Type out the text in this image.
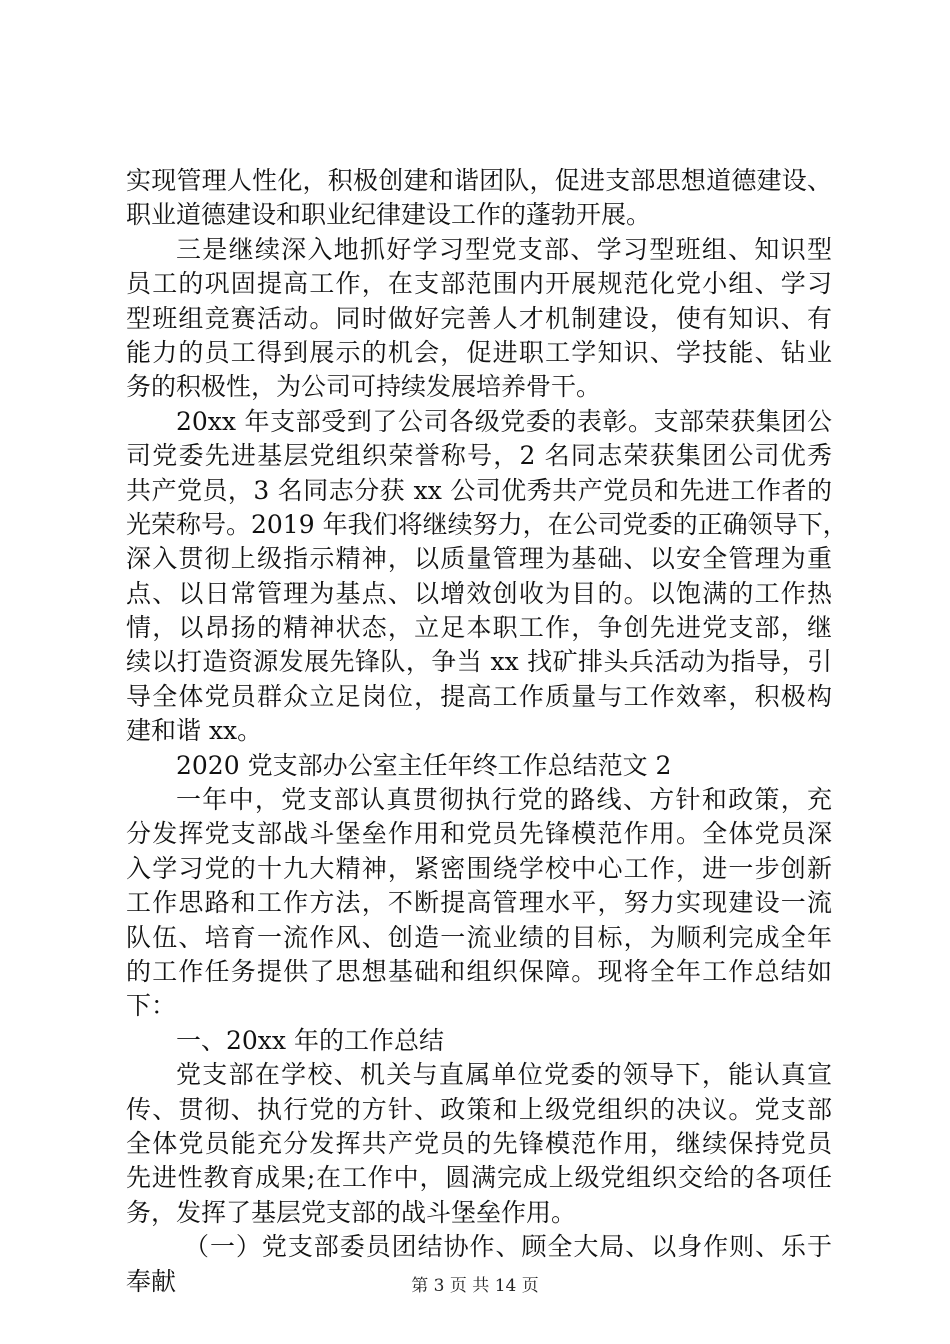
实现管理人性化，积极创建和谐团队，促进支部思想道德建设、
职业道德建设和职业纪律建设工作的蓬勃开展。
三是继续深入地抓好学习型党支部、学习型班组、知识型
员工的巩固提高工作，在支部范围内开展规范化党小组、学习
型班组竞赛活动。同时做好完善人才机制建设，使有知识、有
能力的员工得到展示的机会，促进职工学知识、学技能、钻业
务的积极性，为公司可持续发展培养骨干。
20xx 年支部受到了公司各级党委的表彰。支部荣获集团公
司党委先进基层党组织荣誉称号，2 名同志荣获集团公司优秀
共产党员，3 名同志分获 xx 公司优秀共产党员和先进工作者的
光荣称号。2019 年我们将继续努力，在公司党委的正确领导下，
深入贯彻上级指示精神，以质量管理为基础、以安全管理为重
点、以日常管理为基点、以增效创收为目的。以饱满的工作热
情，以昂扬的精神状态，立足本职工作，争创先进党支部，继
续以打造资源发展先锋队，争当 xx 找矿排头兵活动为指导，引
导全体党员群众立足岗位，提高工作质量与工作效率，积极构
建和谐 xx。
2020 党支部办公室主任年终工作总结范文 2
一年中，党支部认真贯彻执行党的路线、方针和政策，充
分发挥党支部战斗堡垒作用和党员先锋模范作用。全体党员深
入学习党的十九大精神，紧密围绕学校中心工作，进一步创新
工作思路和工作方法，不断提高管理水平，努力实现建设一流
队伍、培育一流作风、创造一流业绩的目标，为顺利完成全年
的工作任务提供了思想基础和组织保障。现将全年工作总结如
下：
一、20xx 年的工作总结
党支部在学校、机关与直属单位党委的领导下，能认真宣
传、贯彻、执行党的方针、政策和上级党组织的决议。党支部
全体党员能充分发挥共产党员的先锋模范作用，继续保持党员
先进性教育成果;在工作中，圆满完成上级党组织交给的各项任
务，发挥了基层党支部的战斗堡垒作用。
（一）党支部委员团结协作、顾全大局、以身作则、乐于
奉献	第 3 页 共 14 页
